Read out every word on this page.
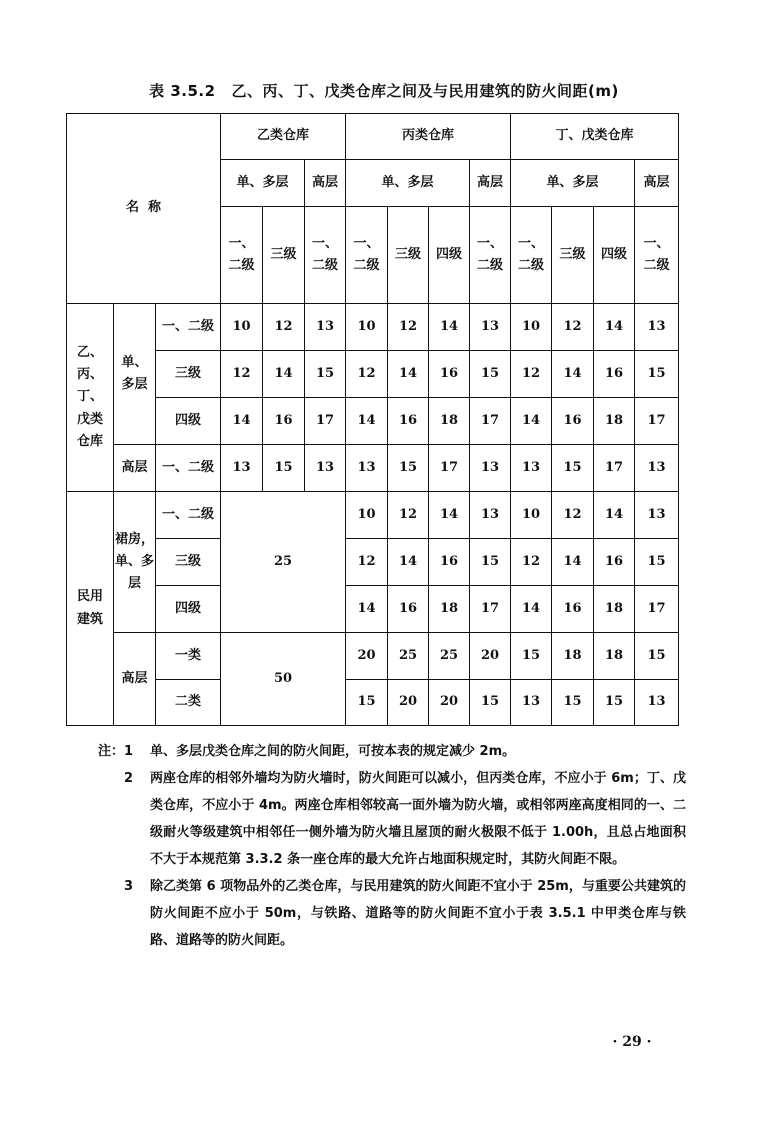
表 3.5.2 乙、丙、丁、戊类仓库之间及与民用建筑的防火间距(m)
名  称			乙类仓库			丙类仓库				丁、戊类仓库			
			单、多层		高层	单、多层			高层	单、多层			高层
			一、二级	三级	一、二级	一、二级	三级	四级	一、二级	一、二级	三级	四级	一、二级
乙、丙、丁、戊类仓库	单、多层	一、二级	10	12	13	10	12	14	13	10	12	14	13
		三级	12	14	15	12	14	16	15	12	14	16	15
		四级	14	16	17	14	16	18	17	14	16	18	17
	高层	一、二级	13	15	13	13	15	17	13	13	15	17	13
民用建筑	裙房，单、多层	一、二级	25			10	12	14	13	10	12	14	13
		三级				12	14	16	15	12	14	16	15
		四级				14	16	18	17	14	16	18	17
	高层	一类	50			20	25	25	20	15	18	18	15
		二类				15	20	20	15	13	15	15	13
注： 1 单、多层戊类仓库之间的防火间距，可按本表的规定减少 2m。
2 两座仓库的相邻外墙均为防火墙时，防火间距可以减小，但丙类仓库，不应小于 6m；丁、戊类仓库，不应小于 4m。两座仓库相邻较高一面外墙为防火墙，或相邻两座高度相同的一、二级耐火等级建筑中相邻任一侧外墙为防火墙且屋顶的耐火极限不低于 1.00h，且总占地面积不大于本规范第 3.3.2 条一座仓库的最大允许占地面积规定时，其防火间距不限。
3 除乙类第 6 项物品外的乙类仓库，与民用建筑的防火间距不宜小于 25m，与重要公共建筑的防火间距不应小于 50m，与铁路、道路等的防火间距不宜小于表 3.5.1 中甲类仓库与铁路、道路等的防火间距。
· 29 ·
